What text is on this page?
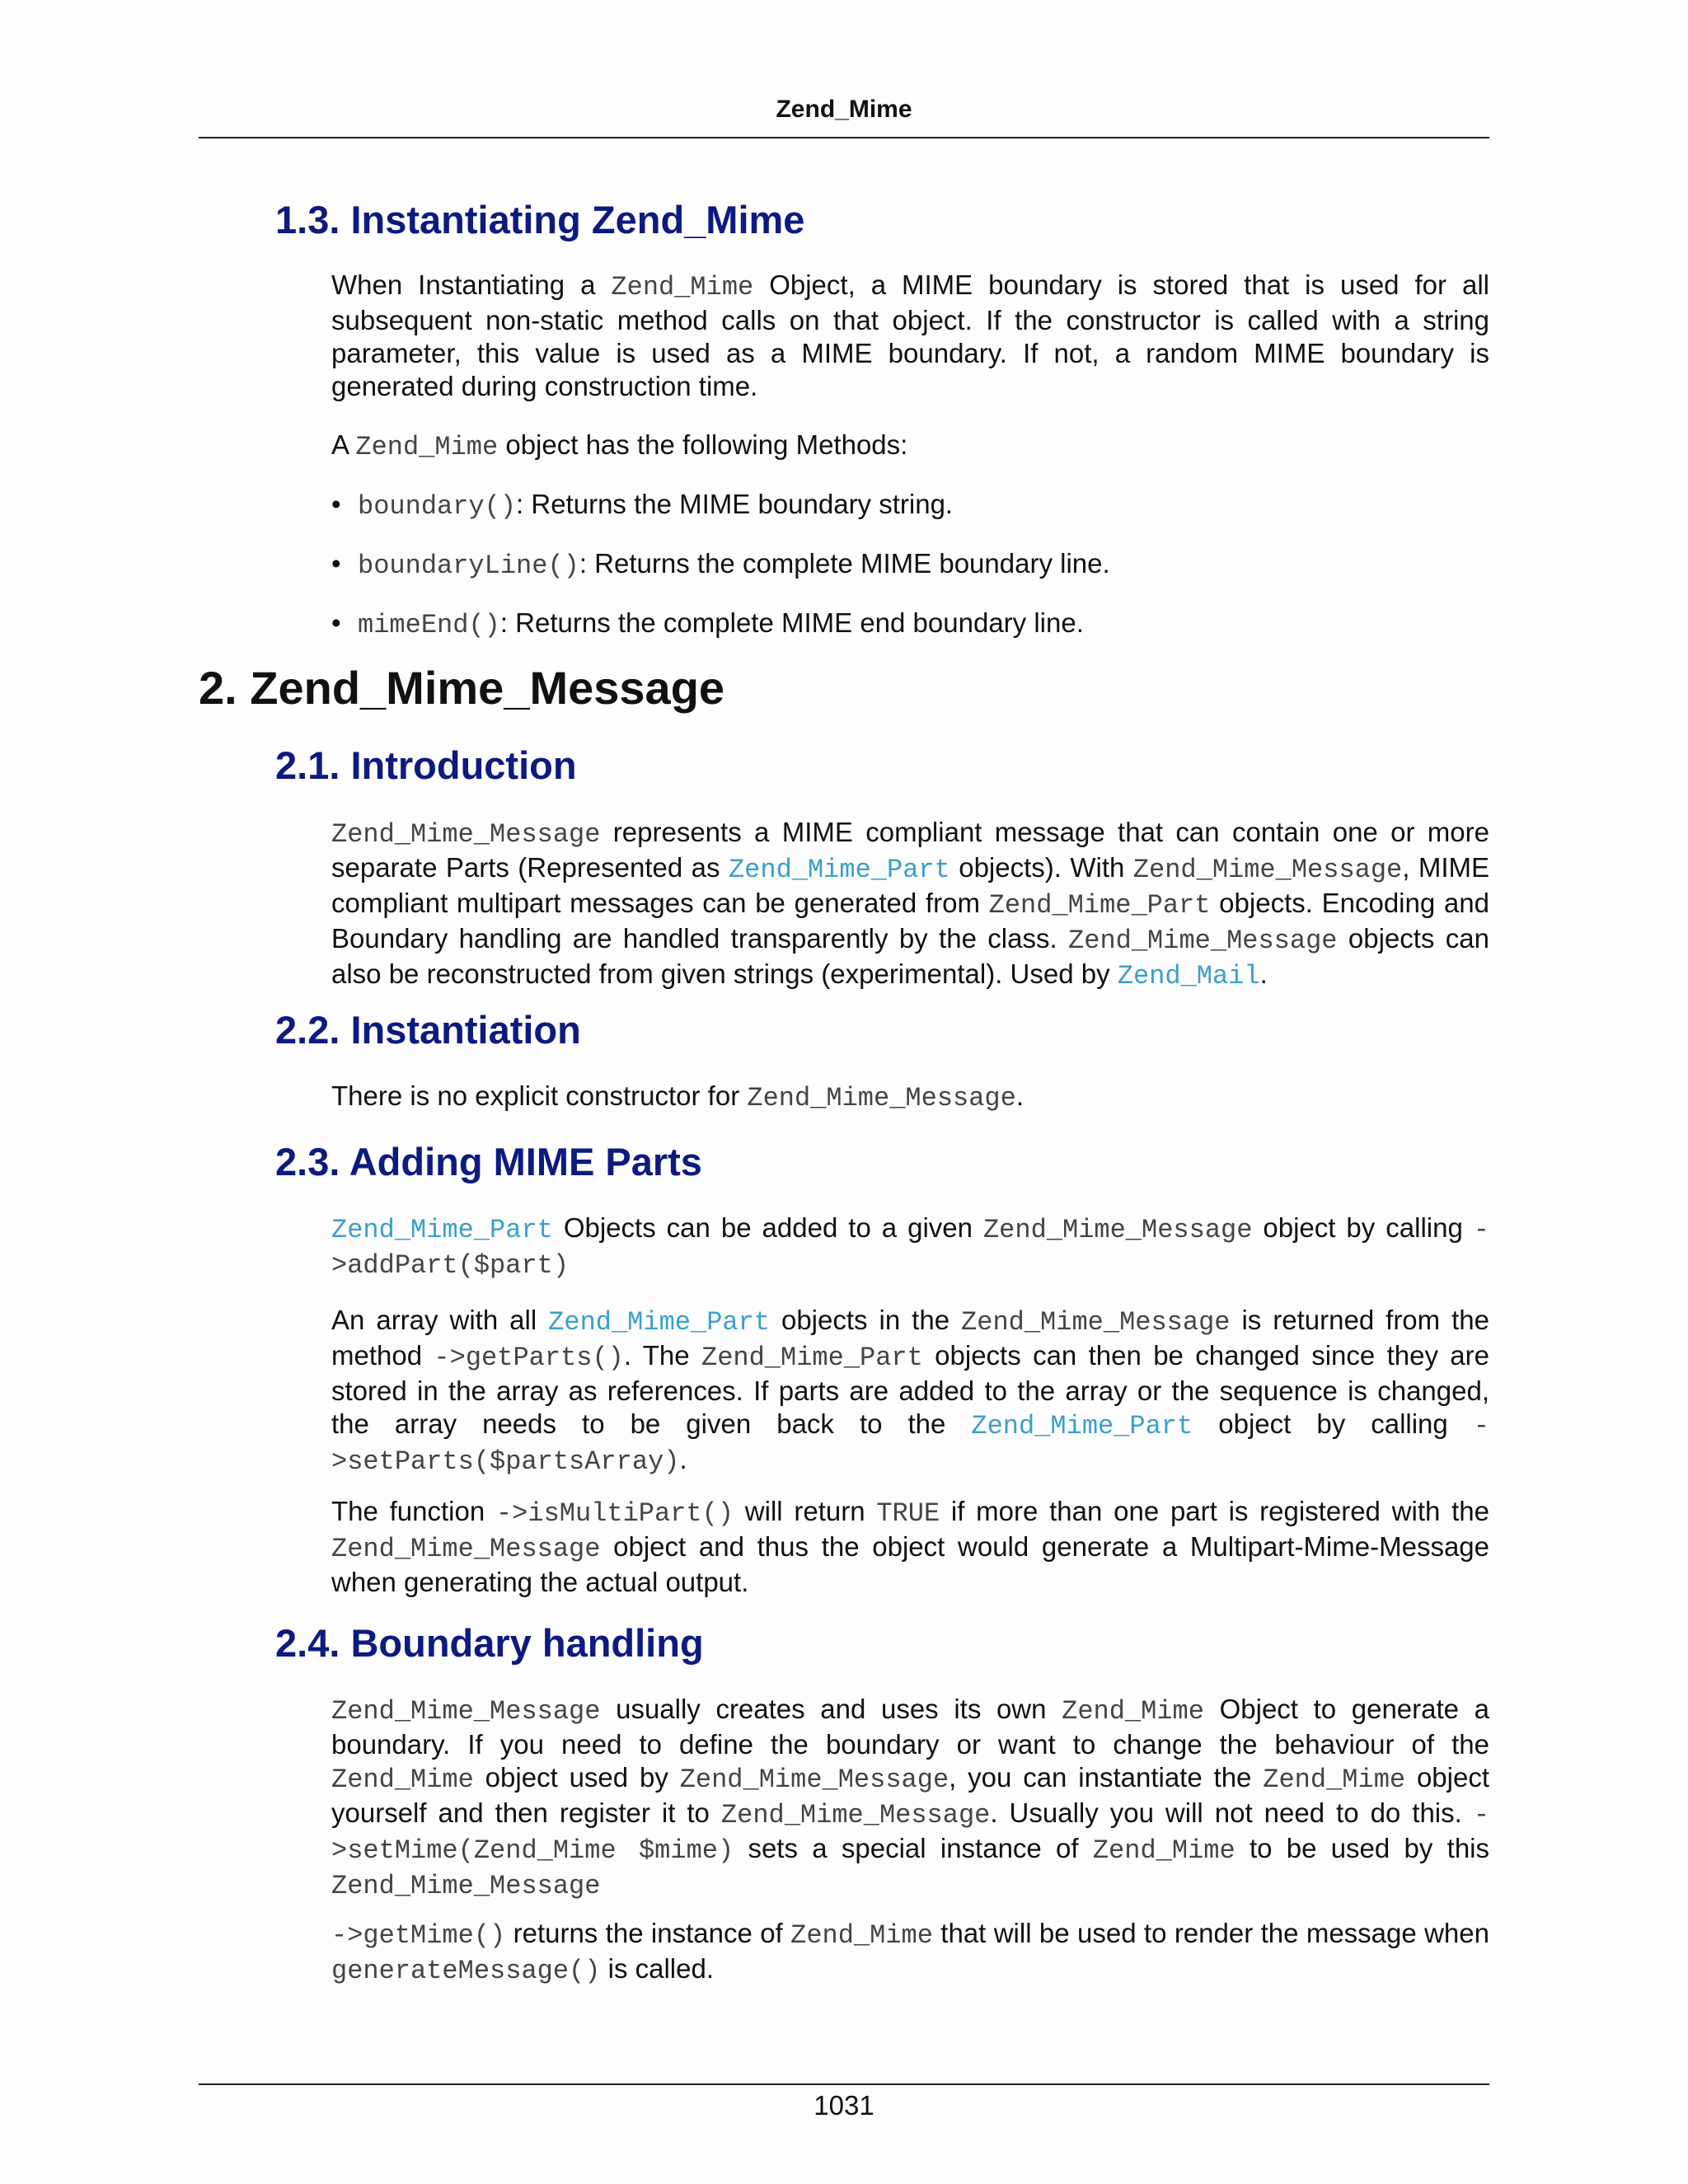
Zend_Mime
1.3. Instantiating Zend_Mime

When Instantiating a Zend_Mime Object, a MIME boundary is stored that is used for all subsequent non-static method calls on that object. If the constructor is called with a string parameter, this value is used as a MIME boundary. If not, a random MIME boundary is generated during construction time.

A Zend_Mime object has the following Methods:

• boundary(): Returns the MIME boundary string.
• boundaryLine(): Returns the complete MIME boundary line.
• mimeEnd(): Returns the complete MIME end boundary line.
2. Zend_Mime_Message
2.1. Introduction

Zend_Mime_Message represents a MIME compliant message that can contain one or more separate Parts (Represented as Zend_Mime_Part objects). With Zend_Mime_Message, MIME compliant multipart messages can be generated from Zend_Mime_Part objects. Encoding and Boundary handling are handled transparently by the class. Zend_Mime_Message objects can also be reconstructed from given strings (experimental). Used by Zend_Mail.

2.2. Instantiation

There is no explicit constructor for Zend_Mime_Message.

2.3. Adding MIME Parts

Zend_Mime_Part Objects can be added to a given Zend_Mime_Message object by calling ->addPart($part)

An array with all Zend_Mime_Part objects in the Zend_Mime_Message is returned from the method ->getParts(). The Zend_Mime_Part objects can then be changed since they are stored in the array as references. If parts are added to the array or the sequence is changed, the array needs to be given back to the Zend_Mime_Part object by calling ->setParts($partsArray).

The function ->isMultiPart() will return TRUE if more than one part is registered with the Zend_Mime_Message object and thus the object would generate a Multipart-Mime-Message when generating the actual output.

2.4. Boundary handling

Zend_Mime_Message usually creates and uses its own Zend_Mime Object to generate a boundary. If you need to define the boundary or want to change the behaviour of the Zend_Mime object used by Zend_Mime_Message, you can instantiate the Zend_Mime object yourself and then register it to Zend_Mime_Message. Usually you will not need to do this. ->setMime(Zend_Mime $mime) sets a special instance of Zend_Mime to be used by this Zend_Mime_Message

->getMime() returns the instance of Zend_Mime that will be used to render the message when generateMessage() is called.

1031
